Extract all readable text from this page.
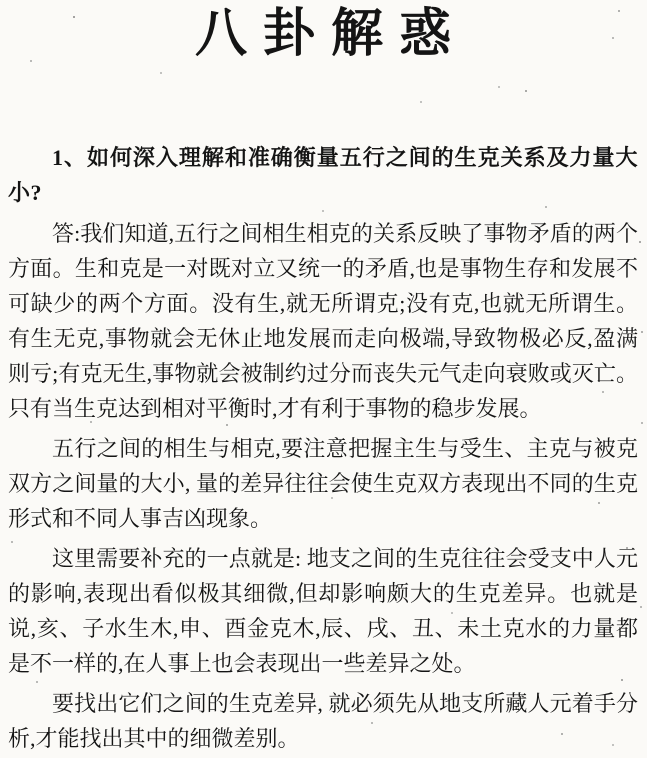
八卦解惑

1、如何深入理解和准确衡量五行之间的生克关系及力量大小?

答:我们知道,五行之间相生相克的关系反映了事物矛盾的两个方面。生和克是一对既对立又统一的矛盾,也是事物生存和发展不可缺少的两个方面。没有生,就无所谓克;没有克,也就无所谓生。有生无克,事物就会无休止地发展而走向极端,导致物极必反,盈满则亏;有克无生,事物就会被制约过分而丧失元气走向衰败或灭亡。只有当生克达到相对平衡时,才有利于事物的稳步发展。

五行之间的相生与相克,要注意把握主生与受生、主克与被克双方之间量的大小, 量的差异往往会使生克双方表现出不同的生克形式和不同人事吉凶现象。

这里需要补充的一点就是: 地支之间的生克往往会受支中人元的影响,表现出看似极其细微,但却影响颇大的生克差异。也就是说,亥、子水生木,申、酉金克木,辰、戌、丑、未土克水的力量都是不一样的,在人事上也会表现出一些差异之处。

要找出它们之间的生克差异, 就必须先从地支所藏人元着手分析,才能找出其中的细微差别。
